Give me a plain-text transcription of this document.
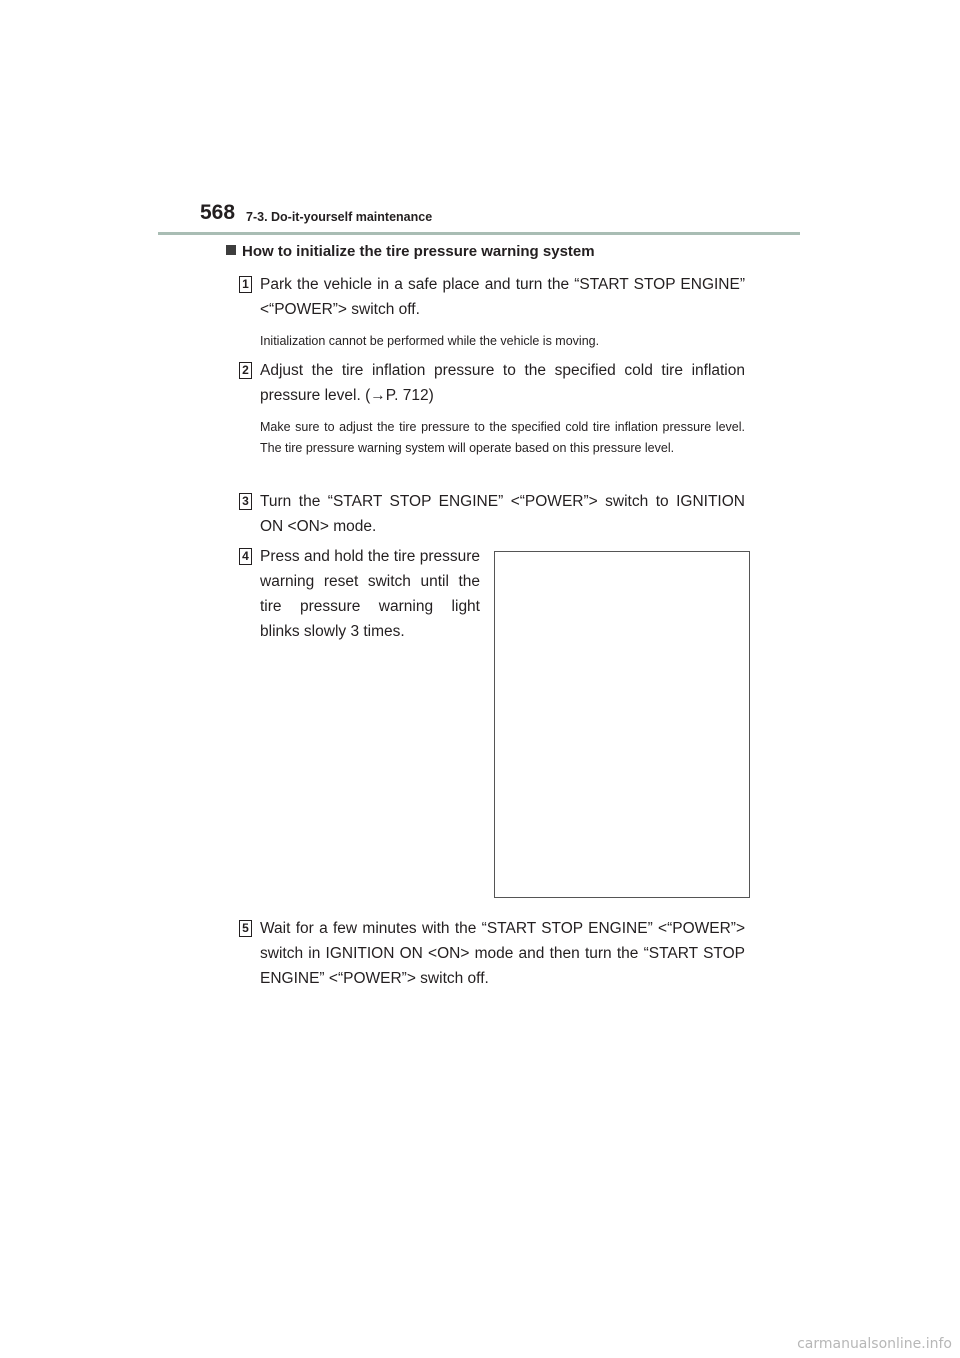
568 7-3. Do-it-yourself maintenance
How to initialize the tire pressure warning system
1 Park the vehicle in a safe place and turn the “START STOP ENGINE” <“POWER”> switch off.
Initialization cannot be performed while the vehicle is moving.
2 Adjust the tire inflation pressure to the specified cold tire inflation pressure level. (→P. 712)
Make sure to adjust the tire pressure to the specified cold tire inflation pressure level. The tire pressure warning system will operate based on this pressure level.
3 Turn the “START STOP ENGINE” <“POWER”> switch to IGNITION ON <ON> mode.
4 Press and hold the tire pressure warning reset switch until the tire pressure warning light blinks slowly 3 times.
5 Wait for a few minutes with the “START STOP ENGINE” <“POWER”> switch in IGNITION ON <ON> mode and then turn the “START STOP ENGINE” <“POWER”> switch off.
carmanualsonline.info
